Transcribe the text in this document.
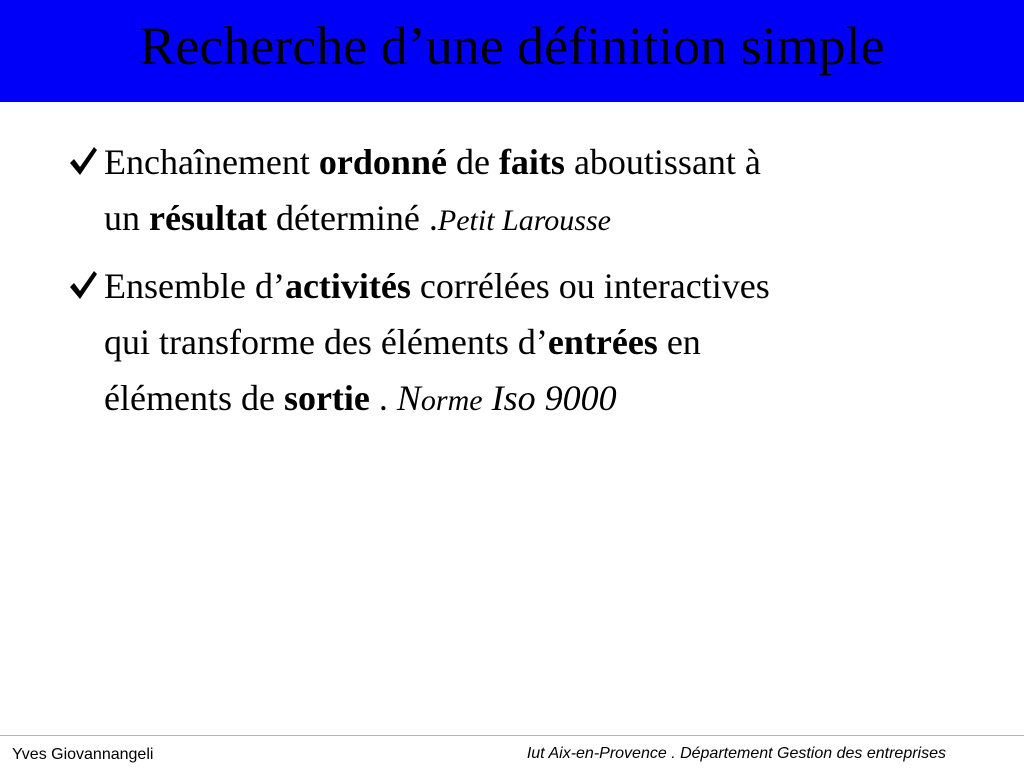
Recherche d’une définition simple
Enchaînement ordonné de faits aboutissant à
un résultat déterminé .Petit Larousse
Ensemble d’activités corrélées ou interactives
qui transforme des éléments d’entrées en
éléments de sortie . Norme Iso 9000
Yves Giovannangeli	Iut Aix-en-Provence . Département Gestion des entreprises
